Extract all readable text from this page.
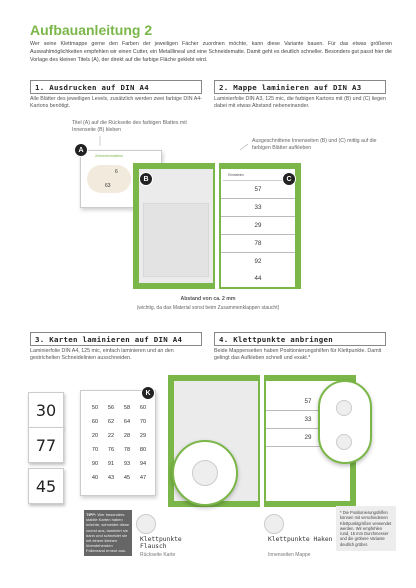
Aufbauanleitung 2
Wer seine Klettmappe gerne den Farben der jeweiligen Fächer zuordnen möchte, kann diese Variante bauen. Für das etwas größeren Auswahlmöglichkeiten empfehlen wir einen Cutter, ein Metalllineal und eine Schneidematte. Damit geht es deutlich schneller. Besonders gut passt hier die Vorlage des kleinen Titels (A), der direkt auf die farbige Fläche geklebt wird.
1. Ausdrucken auf DIN A4
Alle Blätter des jeweiligen Levels, zusätzlich werden zwei farbige DIN A4-Kartons benötigt.
2. Mappe laminieren auf DIN A3
Laminierfolie DIN A3, 125 mic, die farbigen Kartons mit (B) und (C) liegen dabei mit etwas Abstand nebeneinander.
Titel (A) auf die Rückseite des farbigen Blattes mit Innenseite (B) kleben
Ausgeschnittene Innenseiten (B) und (C) mittig auf die farbigen Blätter aufkleben
Zehnereinmaleins
6
63
A
Einmaleins
57
33
29
78
92
44
B	C
Abstand von ca. 2 mm
(wichtig, da das Material sonst beim Zusammenklappen staucht)
3. Karten laminieren auf DIN A4
Laminierfolie DIN A4, 125 mic, einfach laminieren und an den gestrichelten Schneidelinien ausschneiden.
4. Klettpunkte anbringen
Beide Mappenseiten haben Positionierungshilfen für Klettpunkte. Damit gelingt das Aufkleben schnell und exakt.*
30
77
45
50	56	58	60
60	62	64	70
20	22	28	29
70	76	78	80
90	91	93	94
40	43	45	47
K
57
33
29
TIPP: Wer besonders stabile Karten haben möchte, schneidet diese zuerst aus, laminiert sie dann und schneidet sie mit einem kleinen überstehenden Folienrand erneut aus.
Klettpunkte Flausch
Rückseite Karte
Klettpunkte Haken
Innenseiten Mappe
* Die Positionierungshilfen können mit verschiedenen Klettpunktgrößen verwendet werden. Wir empfehlen rund, 15 mm Durchmesser und die gröbere Variante deutlich gröber.
